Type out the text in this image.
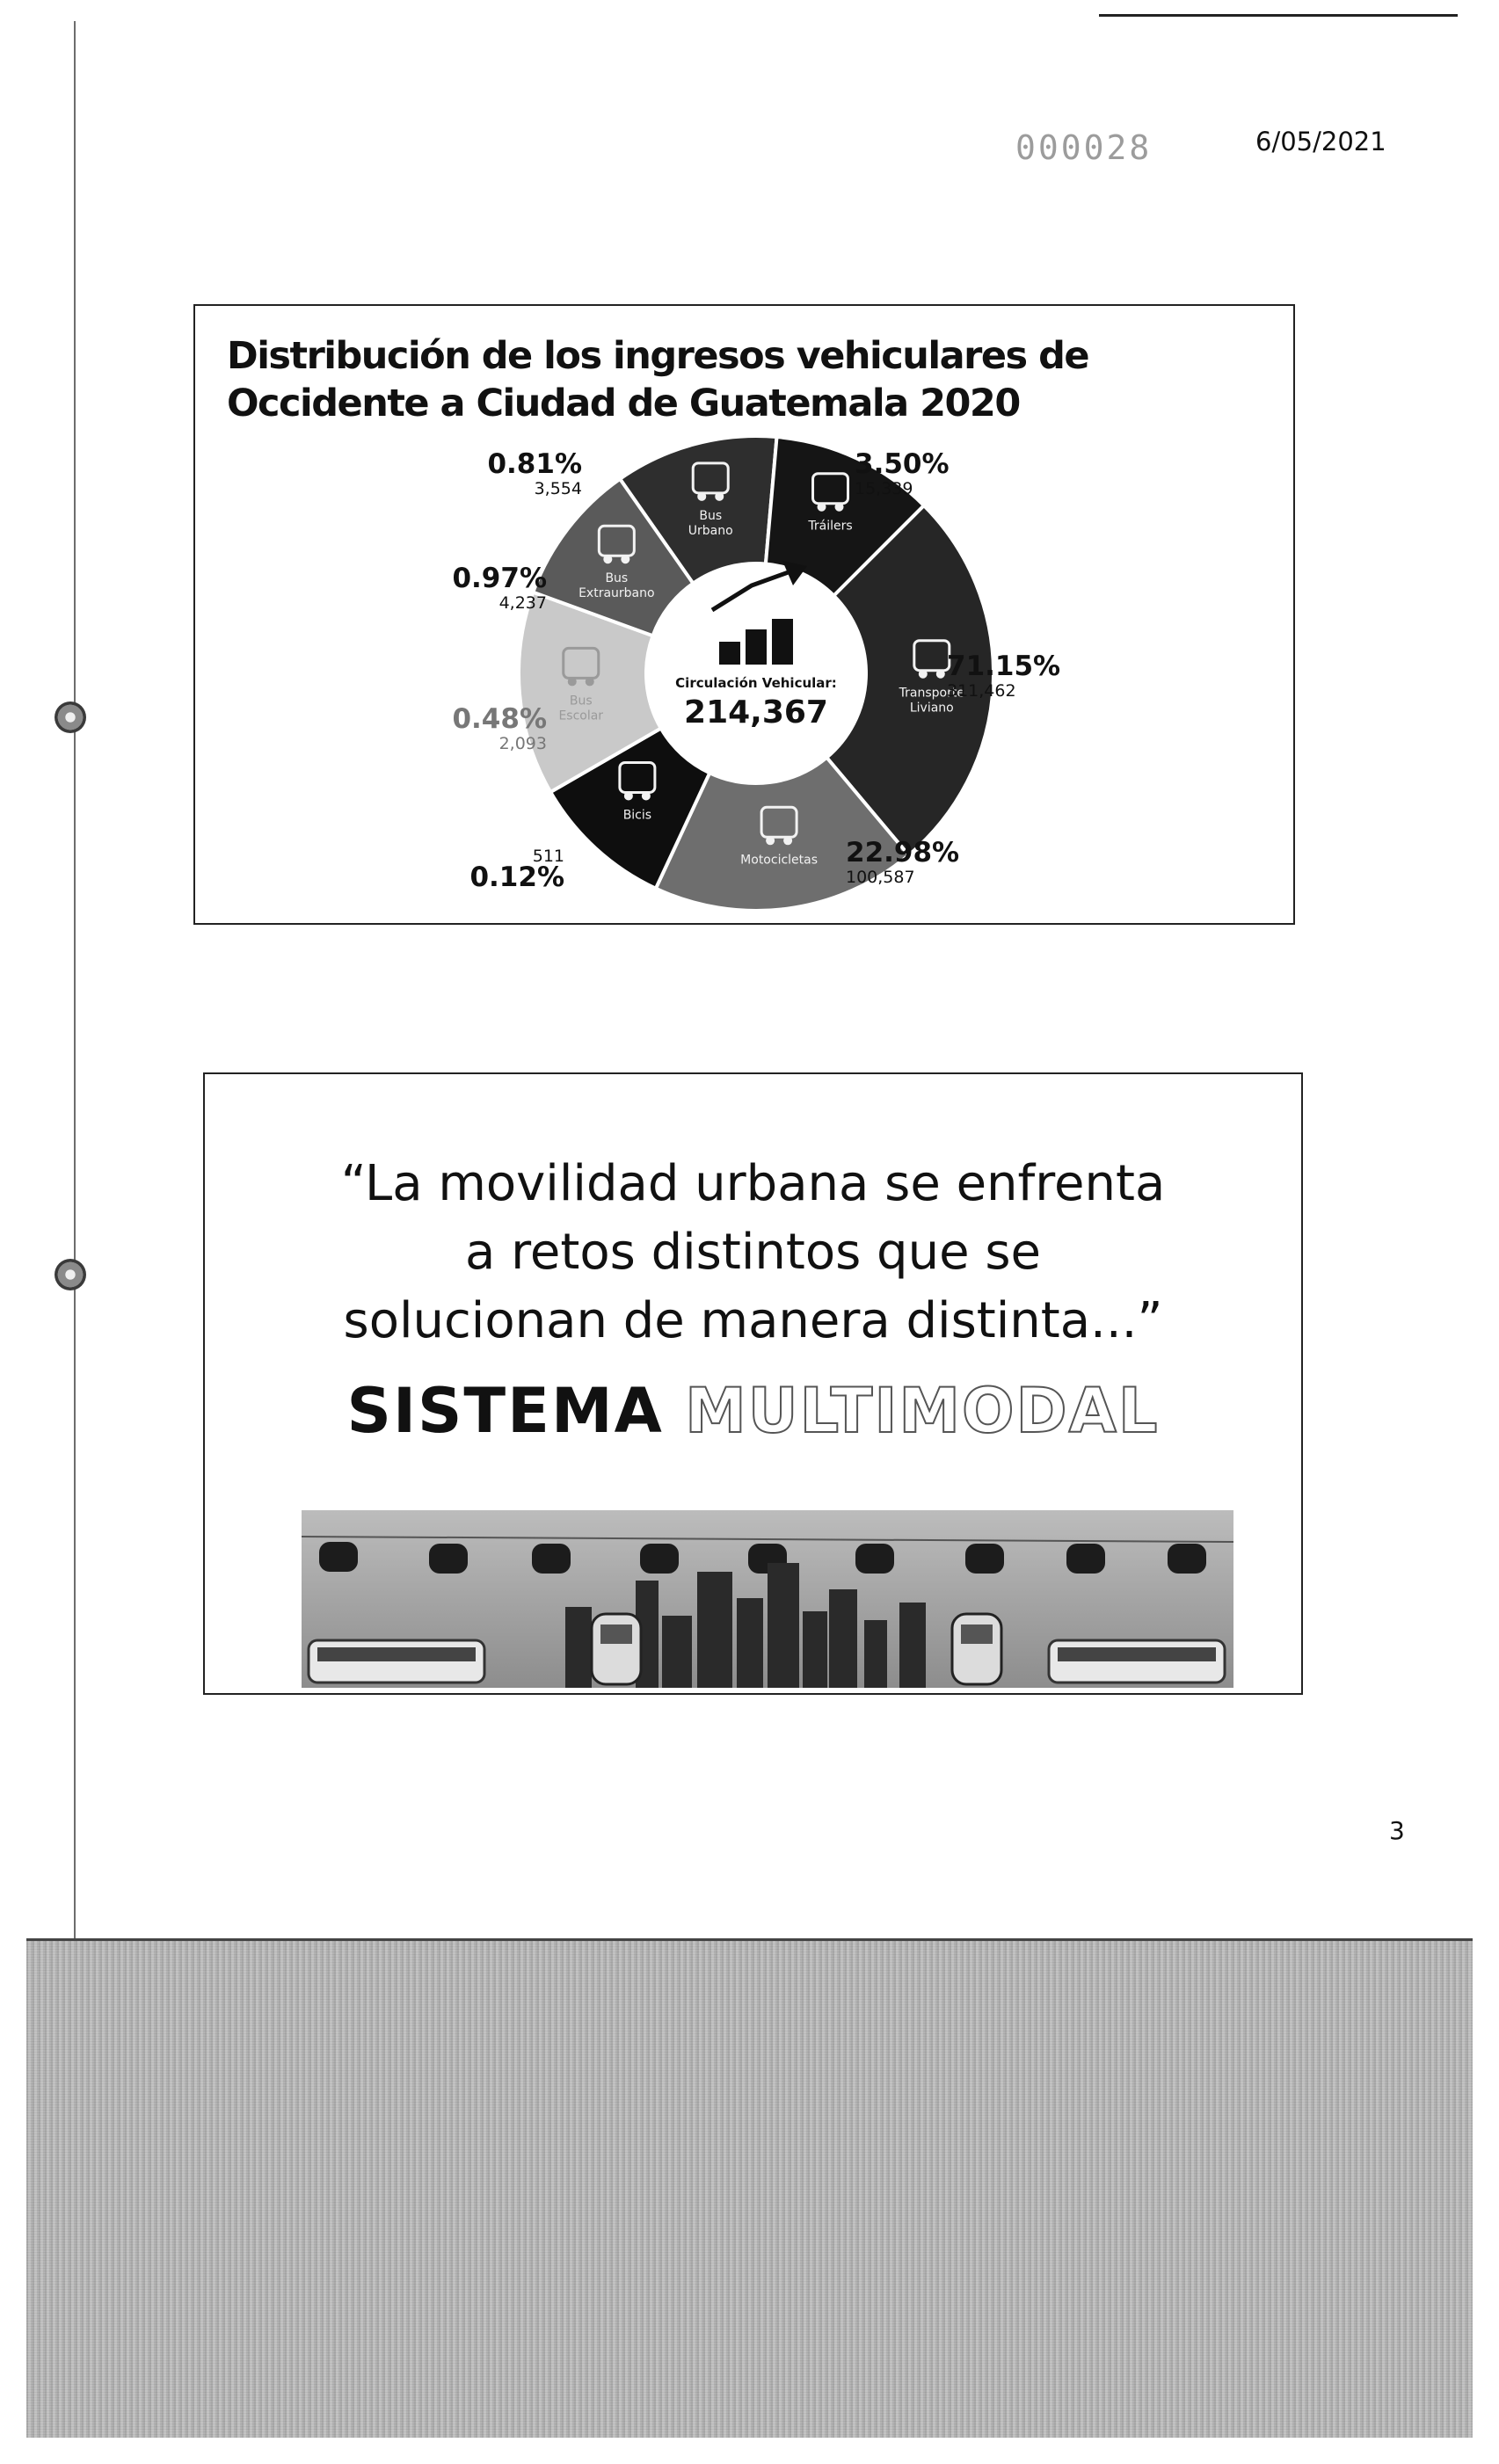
000028	6/05/2021
Distribución de los ingresos vehiculares de Occidente a Ciudad de Guatemala 2020
Bus
Urbano
0.81%
3,554
Tráilers
3.50%
15,339
Transporte
Liviano
71.15%
311,462
Motocicletas 22.98%
100,587
Bicis
0.12%
511
Bus
Escolar
0.48%
2,093
Bus
Extraurbano
0.97%
4,237
Circulación Vehicular:
214,367
“La movilidad urbana se enfrenta
a retos distintos que se
solucionan de manera distinta...”
SISTEMA MULTIMODAL
3
